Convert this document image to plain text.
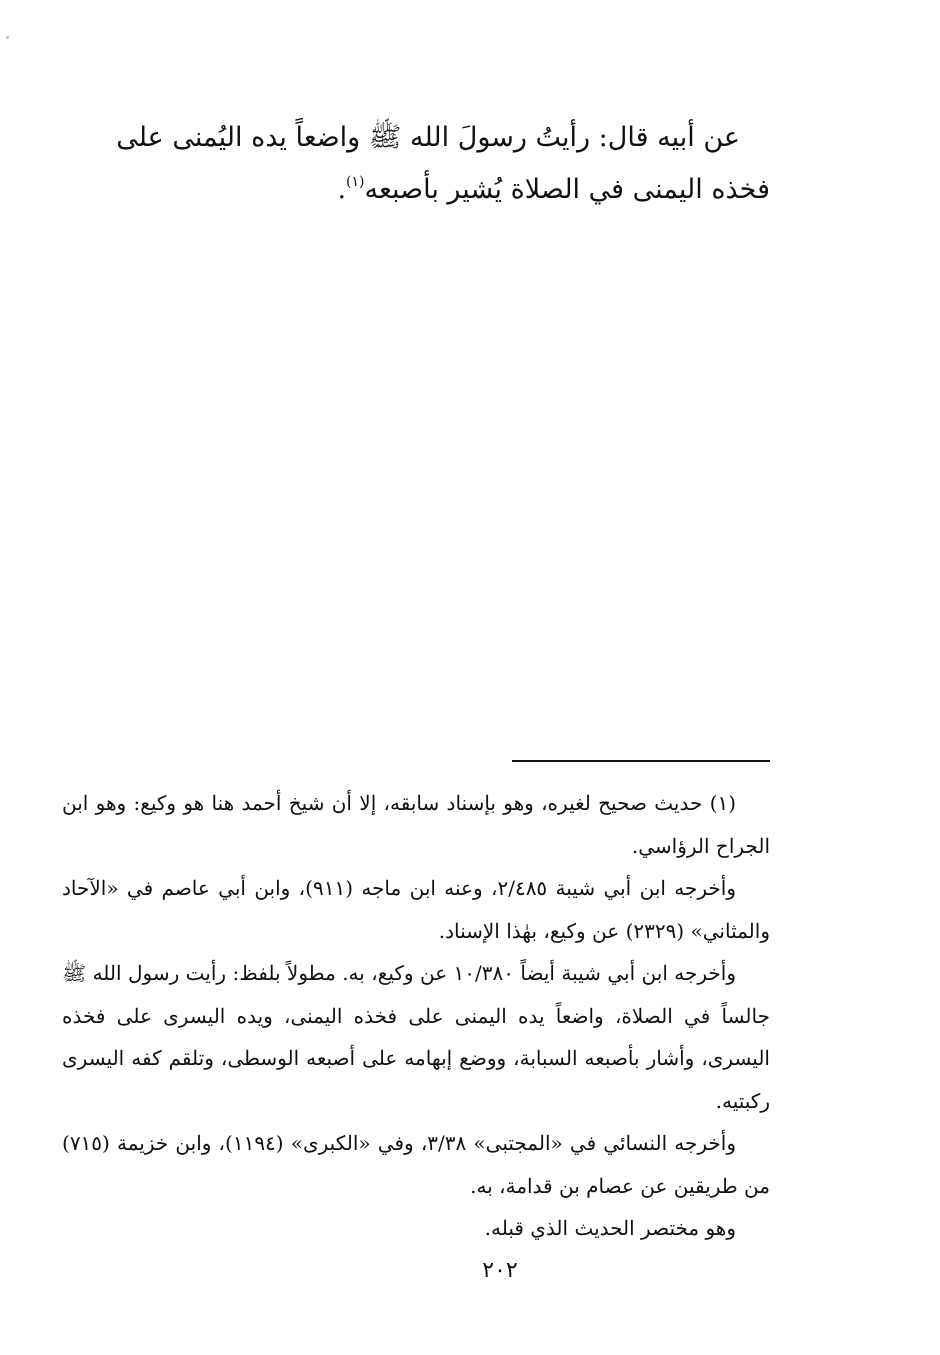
عن أبيه قال: رأيتُ رسولَ الله ﷺ واضعاً يده اليُمنى على

فخذه اليمنى في الصلاة يُشير بأصبعه$^{(١)}$.

(١) حديث صحيح لغيره، وهو بإسناد سابقه، إلا أن شيخ أحمد هنا هو وكيع: وهو ابن الجراح الرؤاسي.

وأخرجه ابن أبي شيبة ٢/٤٨٥، وعنه ابن ماجه (٩١١)، وابن أبي عاصم في «الآحاد والمثاني» (٢٣٢٩) عن وكيع، بهٰذا الإسناد.

وأخرجه ابن أبي شيبة أيضاً ١٠/٣٨٠ عن وكيع، به. مطولاً بلفظ: رأيت رسول الله ﷺ جالساً في الصلاة، واضعاً يده اليمنى على فخذه اليمنى، ويده اليسرى على فخذه اليسرى، وأشار بأصبعه السبابة، ووضع إبهامه على أصبعه الوسطى، وتلقم كفه اليسرى ركبتيه.

وأخرجه النسائي في «المجتبى» ٣/٣٨، وفي «الكبرى» (١١٩٤)، وابن خزيمة (٧١٥) من طريقين عن عصام بن قدامة، به.

وهو مختصر الحديث الذي قبله.

٢٠٢
